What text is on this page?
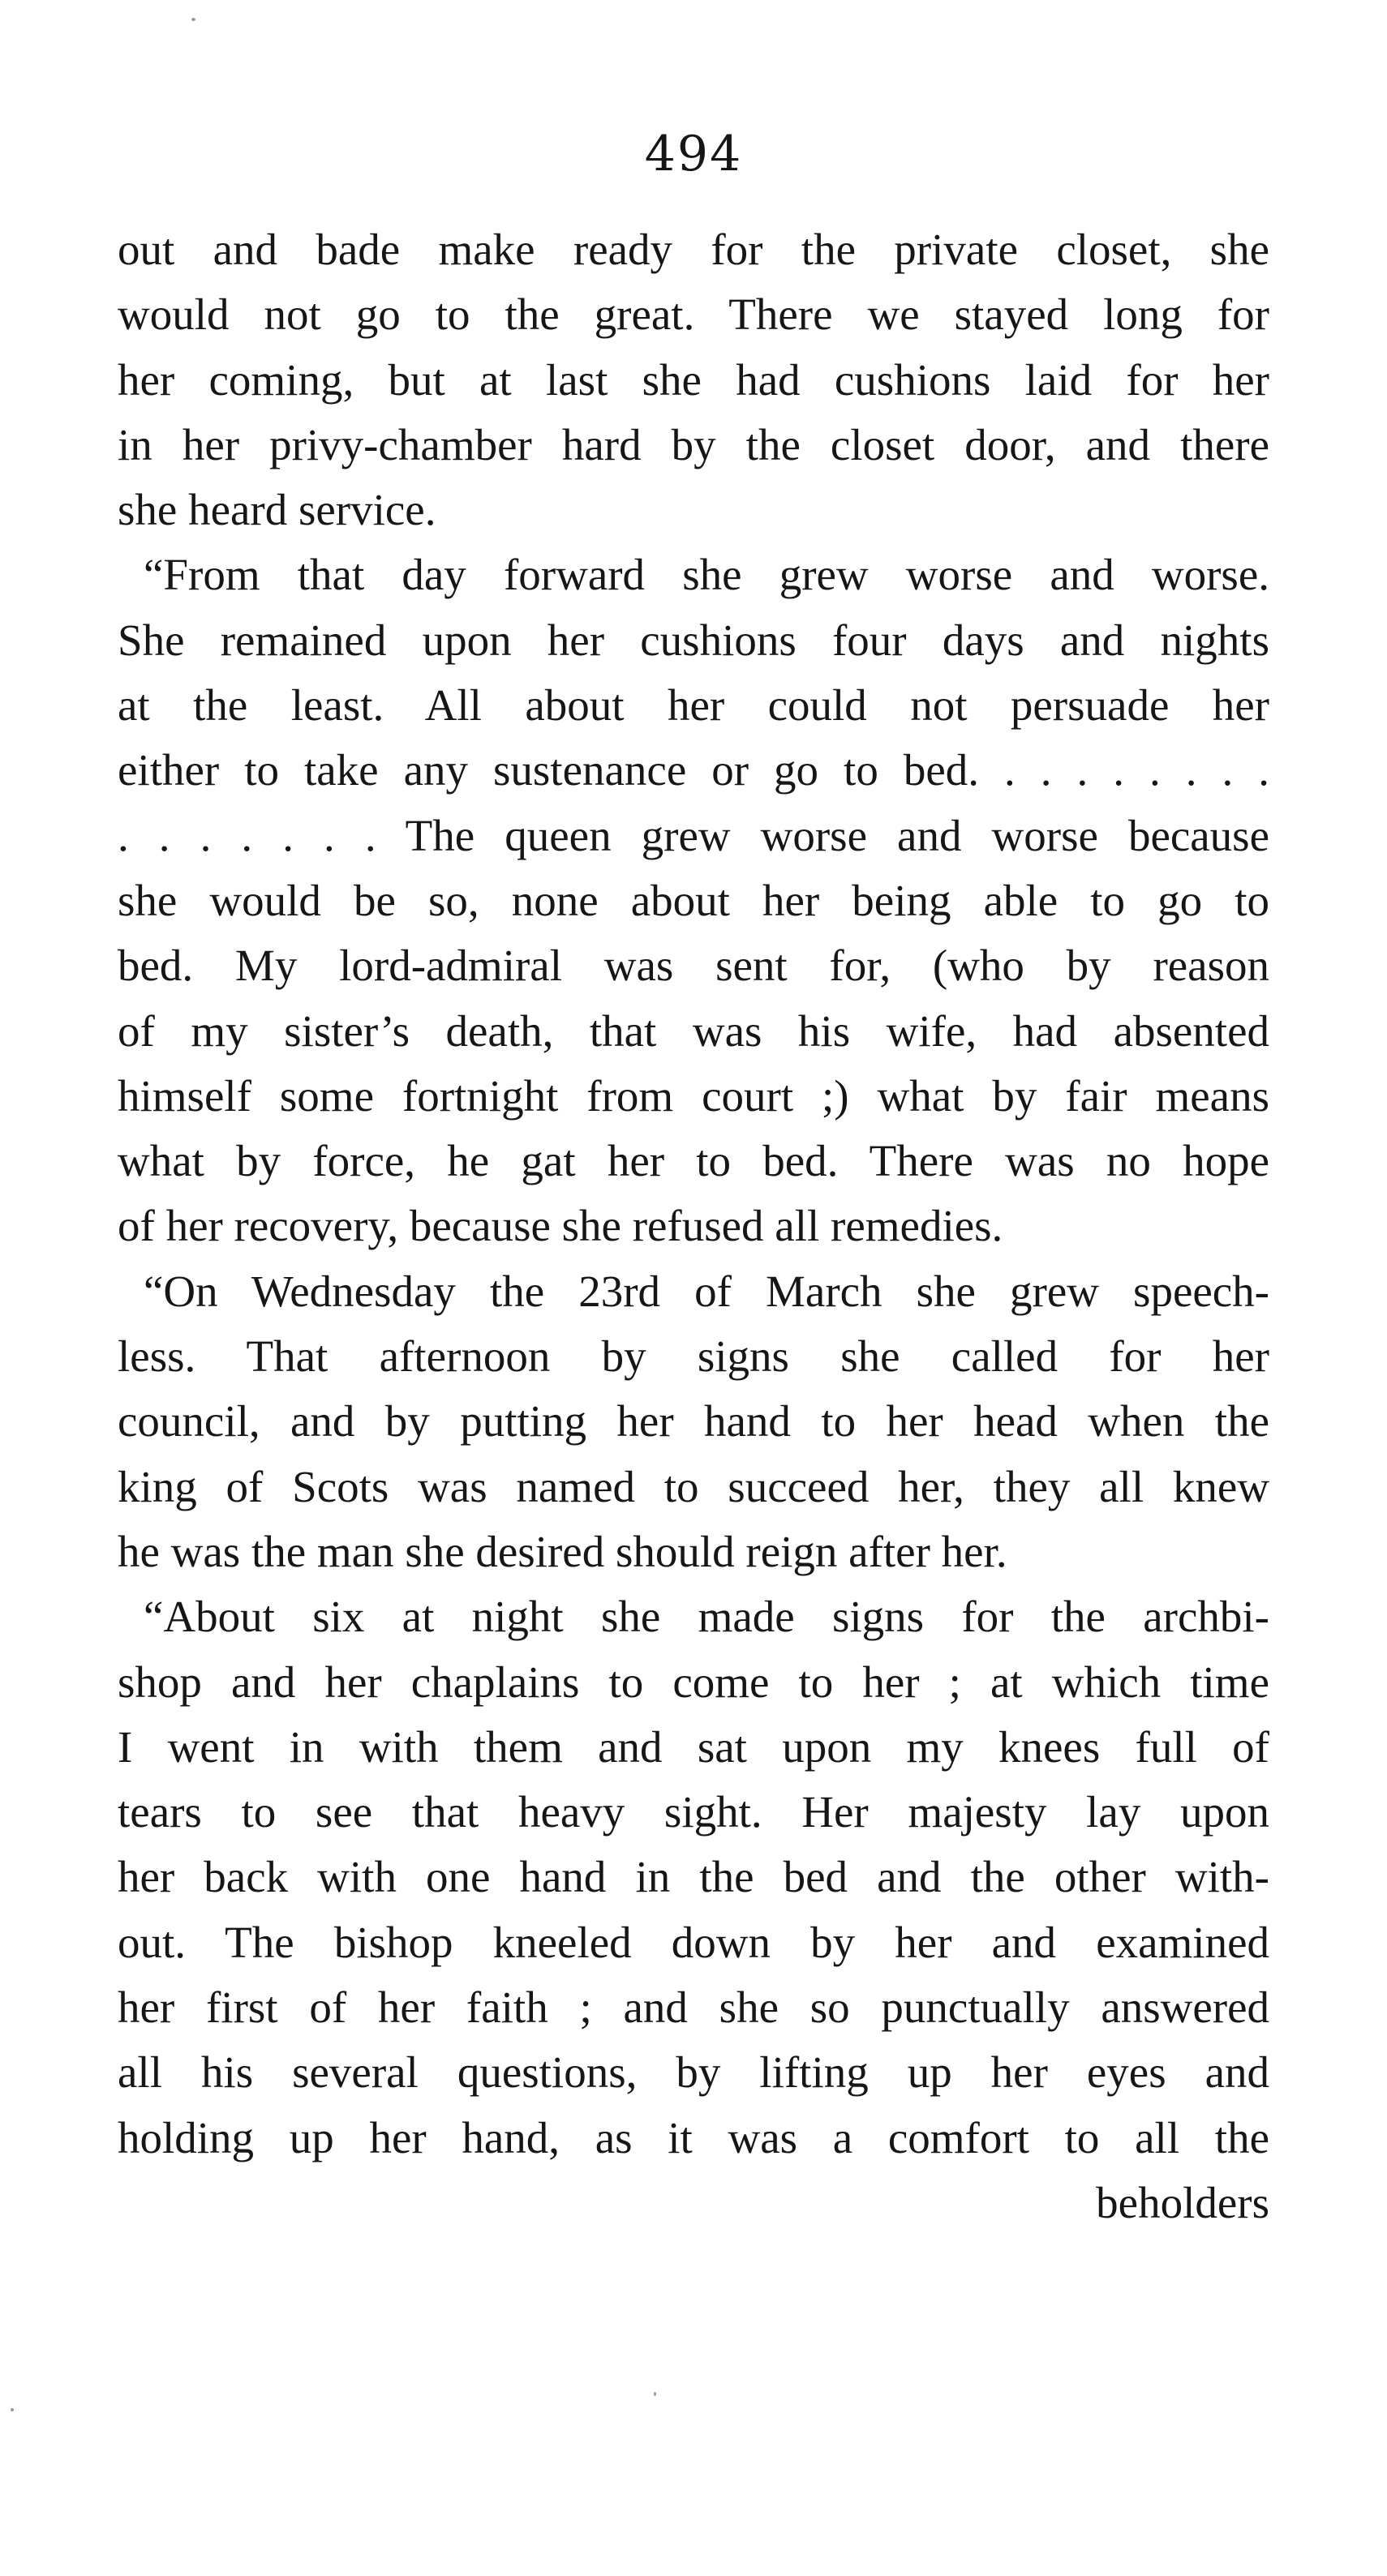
494
out and bade make ready for the private closet, she
would not go to the great. There we stayed long for
her coming, but at last she had cushions laid for her
in her privy-chamber hard by the closet door, and there
she heard service.
“From that day forward she grew worse and worse.
She remained upon her cushions four days and nights
at the least. All about her could not persuade her
either to take any sustenance or go to bed. . . . . . . . .
. . . . . . . The queen grew worse and worse because
she would be so, none about her being able to go to
bed. My lord-admiral was sent for, (who by reason
of my sister’s death, that was his wife, had absented
himself some fortnight from court ;) what by fair means
what by force, he gat her to bed. There was no hope
of her recovery, because she refused all remedies.
“On Wednesday the 23rd of March she grew speech-
less. That afternoon by signs she called for her
council, and by putting her hand to her head when the
king of Scots was named to succeed her, they all knew
he was the man she desired should reign after her.
“About six at night she made signs for the archbi-
shop and her chaplains to come to her ; at which time
I went in with them and sat upon my knees full of
tears to see that heavy sight. Her majesty lay upon
her back with one hand in the bed and the other with-
out. The bishop kneeled down by her and examined
her first of her faith ; and she so punctually answered
all his several questions, by lifting up her eyes and
holding up her hand, as it was a comfort to all the
beholders
